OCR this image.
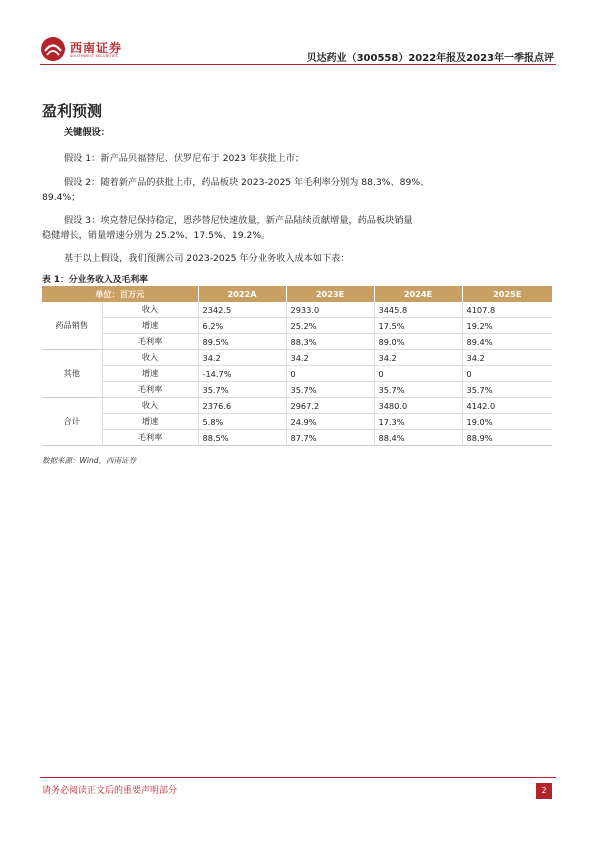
西南证券
SOUTHWEST SECURITIES	贝达药业（300558）2022年报及2023年一季报点评
盈利预测
关键假设：
假设 1：新产品贝福替尼、伏罗尼布于 2023 年获批上市；
假设 2：随着新产品的获批上市，药品板块 2023-2025 年毛利率分别为 88.3%、89%、
89.4%；
假设 3：埃克替尼保持稳定，恩莎替尼快速放量，新产品陆续贡献增量，药品板块销量
稳健增长，销量增速分别为 25.2%、17.5%、19.2%。
基于以上假设，我们预测公司 2023-2025 年分业务收入成本如下表：
表 1：分业务收入及毛利率
单位：百万元		2022A	2023E	2024E	2025E
药品销售	收入	2342.5	2933.0	3445.8	4107.8
	增速	6.2%	25.2%	17.5%	19.2%
	毛利率	89.5%	88.3%	89.0%	89.4%
其他	收入	34.2	34.2	34.2	34.2
	增速	-14.7%	0	0	0
	毛利率	35.7%	35.7%	35.7%	35.7%
合计	收入	2376.6	2967.2	3480.0	4142.0
	增速	5.8%	24.9%	17.3%	19.0%
	毛利率	88.5%	87.7%	88.4%	88.9%
数据来源：Wind，西南证券
请务必阅读正文后的重要声明部分	2
